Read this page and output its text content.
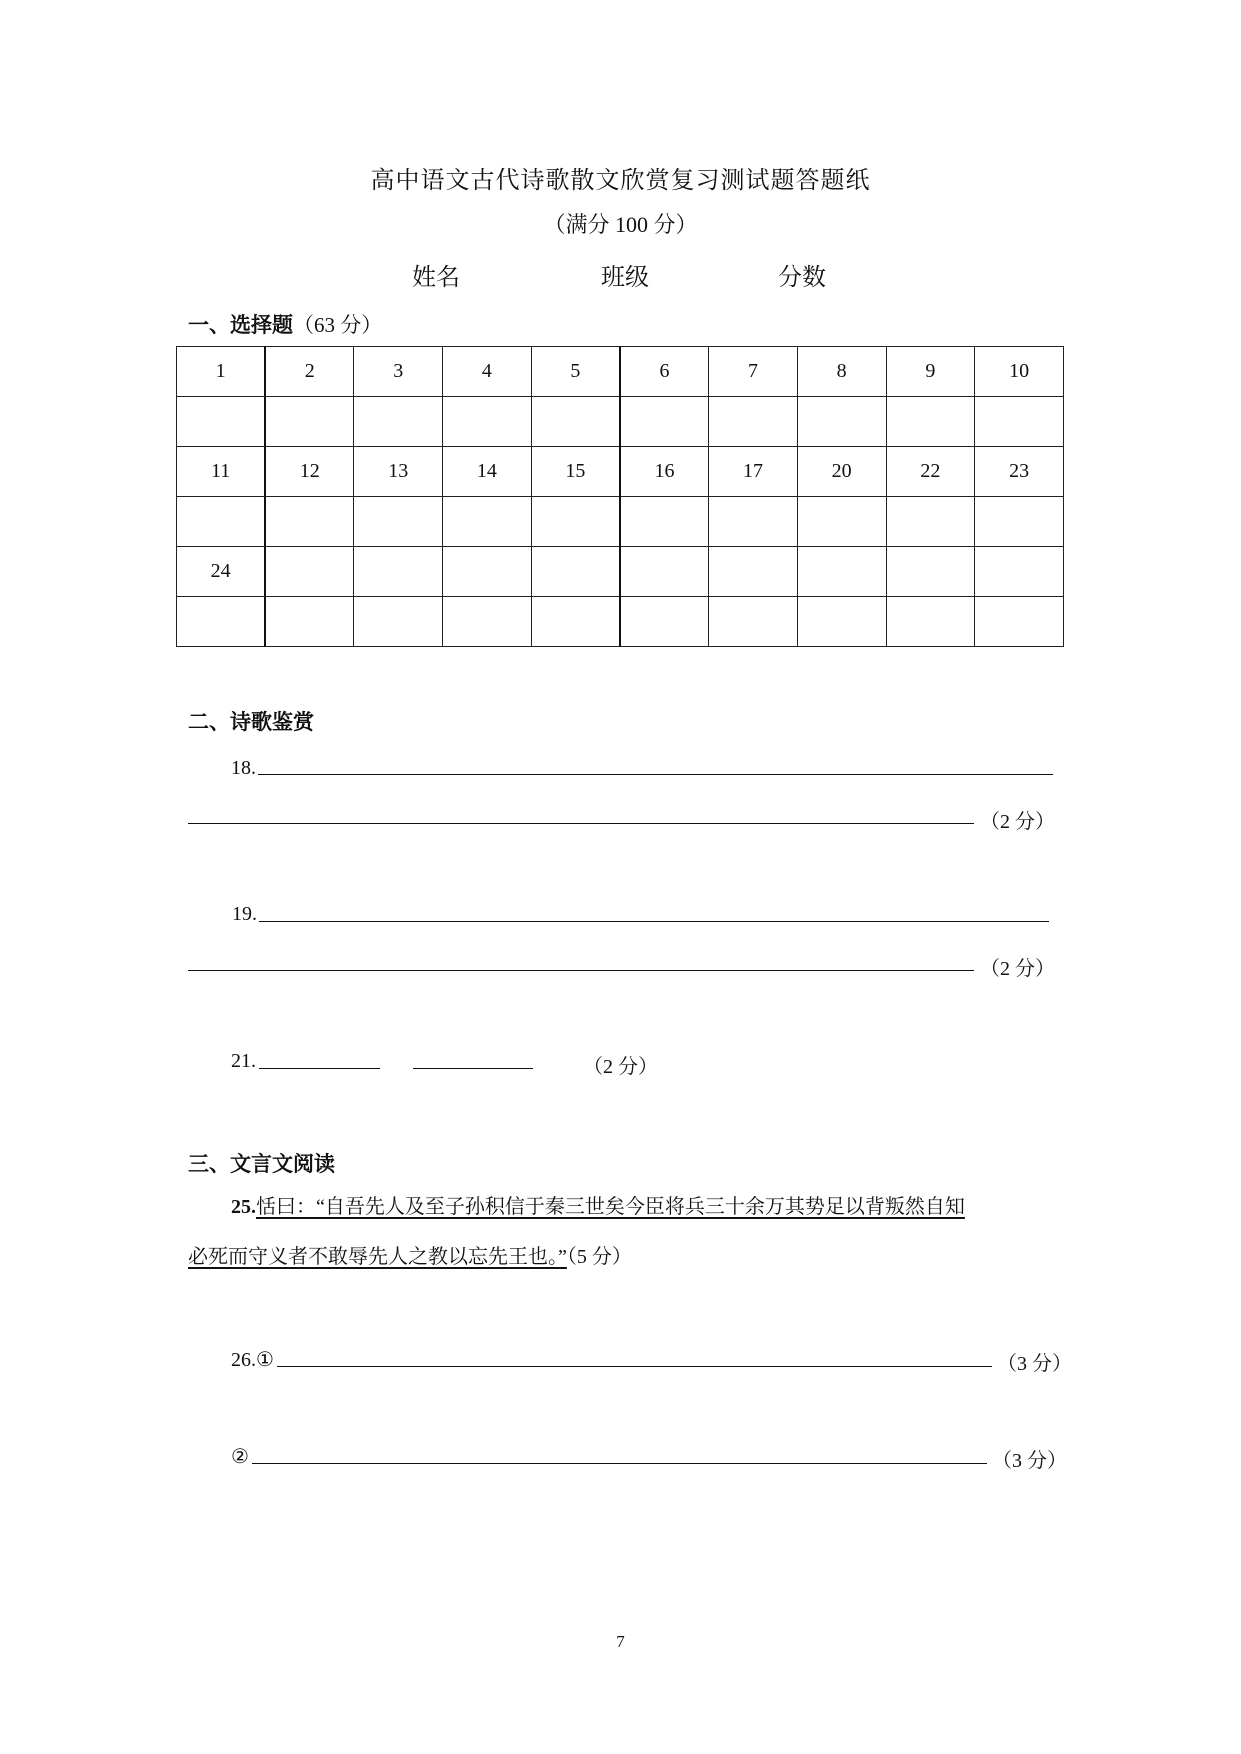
高中语文古代诗歌散文欣赏复习测试题答题纸
（满分 100 分）
姓名	班级	分数
一、选择题（63 分）
1	2	3	4	5	6	7	8	9	10

11	12	13	14	15	16	17	20	22	23

24									

二、诗歌鉴赏
18.
（2 分）
19.
（2 分）
21.	（2 分）
三、文言文阅读
25.恬曰：“自吾先人及至子孙积信于秦三世矣今臣将兵三十余万其势足以背叛然自知
必死而守义者不敢辱先人之教以忘先王也。”（5 分）
26.①	（3 分）
②	（3 分）
7
